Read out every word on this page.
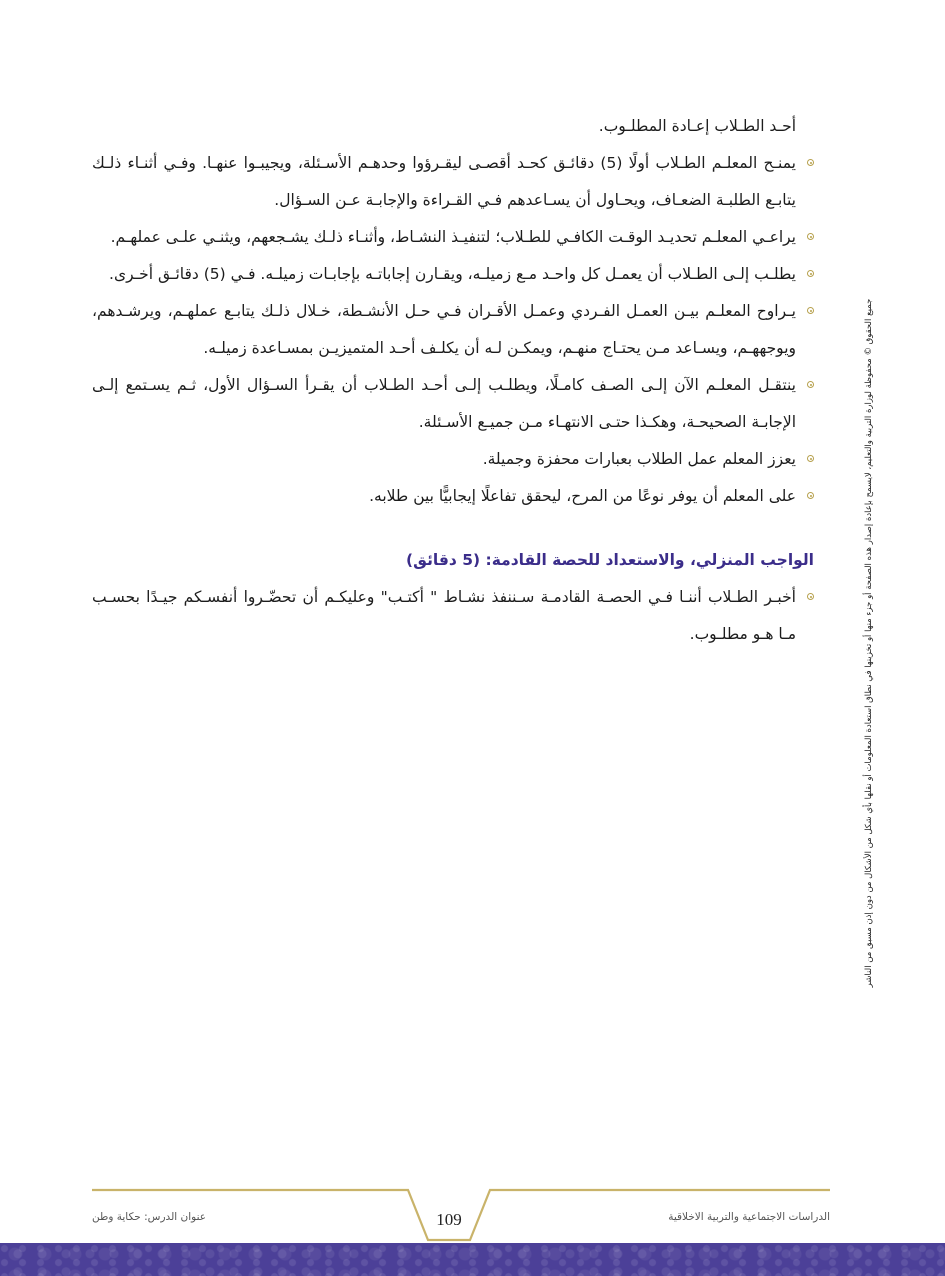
أحـد الطـلاب إعـادة المطلـوب.

يمنـح المعلـم الطـلاب أولًا (5) دقائـق كحـد أقصـى ليقـرؤوا وحدهـم الأسـئلة، ويجيبـوا عنهـا. وفـي أثنـاء ذلـك يتابـع الطلبـة الضعـاف، ويحـاول أن يسـاعدهم فـي القـراءة والإجابـة عـن السـؤال.
يراعـي المعلـم تحديـد الوقـت الكافـي للطـلاب؛ لتنفيـذ النشـاط، وأثنـاء ذلـك يشـجعهم، ويثنـي علـى عملهـم.
يطلـب إلـى الطـلاب أن يعمـل كل واحـد مـع زميلـه، ويقـارن إجاباتـه بإجابـات زميلـه. فـي (5) دقائـق أخـرى.
يـراوح المعلـم بيـن العمـل الفـردي وعمـل الأقـران فـي حـل الأنشـطة، خـلال ذلـك يتابـع عملهـم، ويرشـدهم، ويوجههـم، ويسـاعد مـن يحتـاج منهـم، ويمكـن لـه أن يكلـف أحـد المتميزيـن بمسـاعدة زميلـه.
ينتقـل المعلـم الآن إلـى الصـف كامـلًا، ويطلـب إلـى أحـد الطـلاب أن يقـرأ السـؤال الأول، ثـم يسـتمع إلـى الإجابـة الصحيحـة، وهكـذا حتـى الانتهـاء مـن جميـع الأسـئلة.
يعزز المعلم عمل الطلاب بعبارات محفزة وجميلة.
على المعلم أن يوفر نوعًا من المرح، ليحقق تفاعلًا إيجابيًّا بين طلابه.
الواجب المنزلي، والاستعداد للحصة القادمة: (5 دقائق)
أخبـر الطـلاب أننـا فـي الحصـة القادمـة سـننفذ نشـاط " أكتـب" وعليكـم أن تحضّـروا أنفسـكم جيـدًا بحسـب مـا هـو مطلـوب.	جميع الحقوق © محفوظة لوزارة التربية والتعليم، لايسمح بإعادة إصدار هذه الصفحة أو جزء منها أو تخزينها في نطاق استعادة المعلومات أو نقلها بأي شكل من الأشكال من دون إذن مسبق من الناشر
109	الدراسات الاجتماعية والتربية الاخلاقية
عنوان الدرس: حكاية وطن
